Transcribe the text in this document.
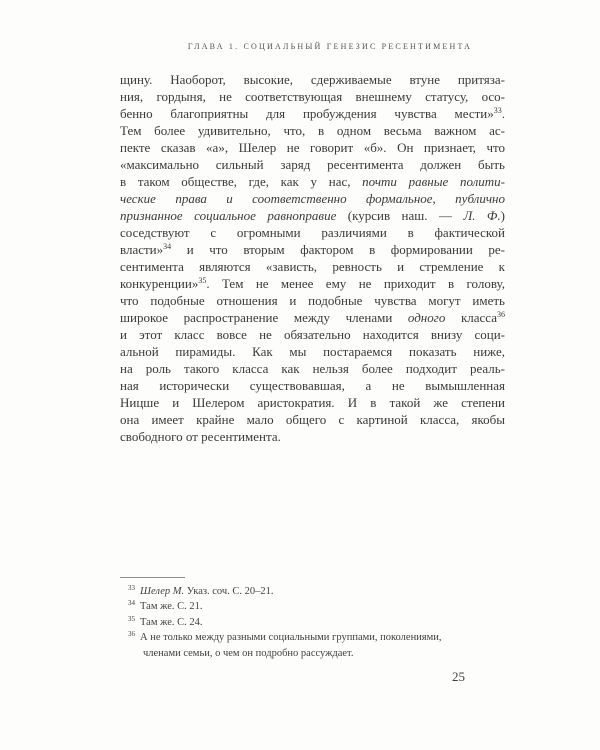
ГЛАВА 1. СОЦИАЛЬНЫЙ ГЕНЕЗИС РЕСЕНТИМЕНТА
щину. Наоборот, высокие, сдерживаемые втуне притяза-
ния, гордыня, не соответствующая внешнему статусу, осо-
бенно благоприятны для пробуждения чувства мести»$^{33}$.
Тем более удивительно, что, в одном весьма важном ас-
пекте сказав «а», Шелер не говорит «б». Он признает, что
«максимально сильный заряд ресентимента должен быть
в таком обществе, где, как у нас, почти равные полити-
ческие права и соответственно формальное, публично
признанное социальное равноправие (курсив наш. — Л. Ф.)
соседствуют с огромными различиями в фактической
власти»$^{34}$ и что вторым фактором в формировании ре-
сентимента являются «зависть, ревность и стремление к
конкуренции»$^{35}$. Тем не менее ему не приходит в голову,
что подобные отношения и подобные чувства могут иметь
широкое распространение между членами одного класса$^{36}$
и этот класс вовсе не обязательно находится внизу соци-
альной пирамиды. Как мы постараемся показать ниже,
на роль такого класса как нельзя более подходит реаль-
ная исторически существовавшая, а не вымышленная
Ницше и Шелером аристократия. И в такой же степени
она имеет крайне мало общего с картиной класса, якобы
свободного от ресентимента.
$^{33}$ Шелер М. Указ. соч. С. 20–21.
$^{34}$ Там же. С. 21.
$^{35}$ Там же. С. 24.
$^{36}$ А не только между разными социальными группами, поколениями,
членами семьи, о чем он подробно рассуждает.
25
